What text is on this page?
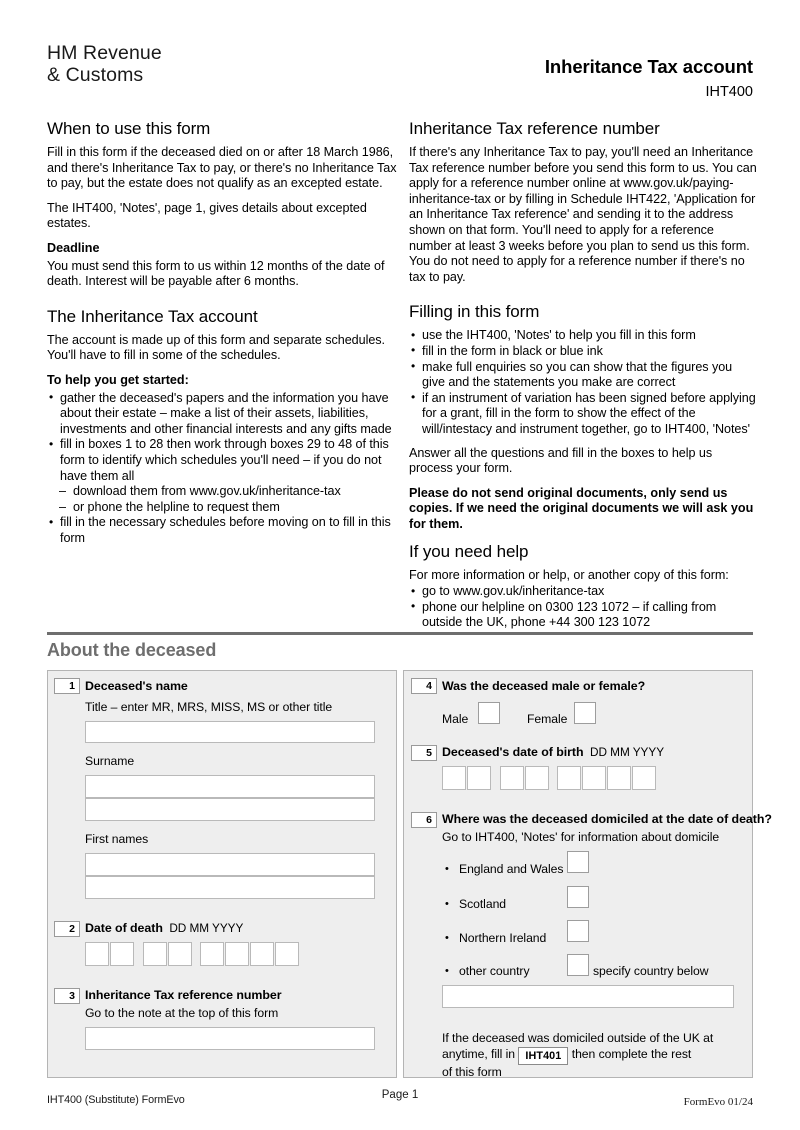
HM Revenue
& Customs	Inheritance Tax account
IHT400
When to use this form

Fill in this form if the deceased died on or after 18 March 1986, and there's Inheritance Tax to pay, or there's no Inheritance Tax to pay, but the estate does not qualify as an excepted estate.

The IHT400, 'Notes', page 1, gives details about excepted estates.

Deadline

You must send this form to us within 12 months of the date of death. Interest will be payable after 6 months.

The Inheritance Tax account

The account is made up of this form and separate schedules. You'll have to fill in some of the schedules.

To help you get started:

• gather the deceased's papers and the information you have about their estate – make a list of their assets, liabilities, investments and other financial interests and any gifts made
• fill in boxes 1 to 28 then work through boxes 29 to 48 of this form to identify which schedules you'll need – if you do not have them all
– download them from www.gov.uk/inheritance-tax
– or phone the helpline to request them
• fill in the necessary schedules before moving on to fill in this form
Inheritance Tax reference number

If there's any Inheritance Tax to pay, you'll need an Inheritance Tax reference number before you send this form to us. You can apply for a reference number online at www.gov.uk/paying-inheritance-tax or by filling in Schedule IHT422, 'Application for an Inheritance Tax reference' and sending it to the address shown on that form. You'll need to apply for a reference number at least 3 weeks before you plan to send us this form. You do not need to apply for a reference number if there's no tax to pay.

Filling in this form
• use the IHT400, 'Notes' to help you fill in this form
• fill in the form in black or blue ink
• make full enquiries so you can show that the figures you give and the statements you make are correct
• if an instrument of variation has been signed before applying for a grant, fill in the form to show the effect of the will/intestacy and instrument together, go to IHT400, 'Notes'

Answer all the questions and fill in the boxes to help us process your form.

Please do not send original documents, only send us copies. If we need the original documents we will ask you for them.

If you need help

For more information or help, or another copy of this form:

• go to www.gov.uk/inheritance-tax
• phone our helpline on 0300 123 1072 – if calling from outside the UK, phone +44 300 123 1072
About the deceased
1 Deceased's name
Title – enter MR, MRS, MISS, MS or other title
Surname
First names
2 Date of death DD MM YYYY
3 Inheritance Tax reference number
Go to the note at the top of this form
4 Was the deceased male or female?
Male	Female
5 Deceased's date of birth DD MM YYYY
6 Where was the deceased domiciled at the date of death?
Go to IHT400, 'Notes' for information about domicile
• England and Wales
• Scotland
• Northern Ireland
• other country	specify country below
If the deceased was domiciled outside of the UK at
anytime, fill in IHT401 then complete the rest
of this form
IHT400 (Substitute) FormEvo	Page 1
FormEvo 01/24
